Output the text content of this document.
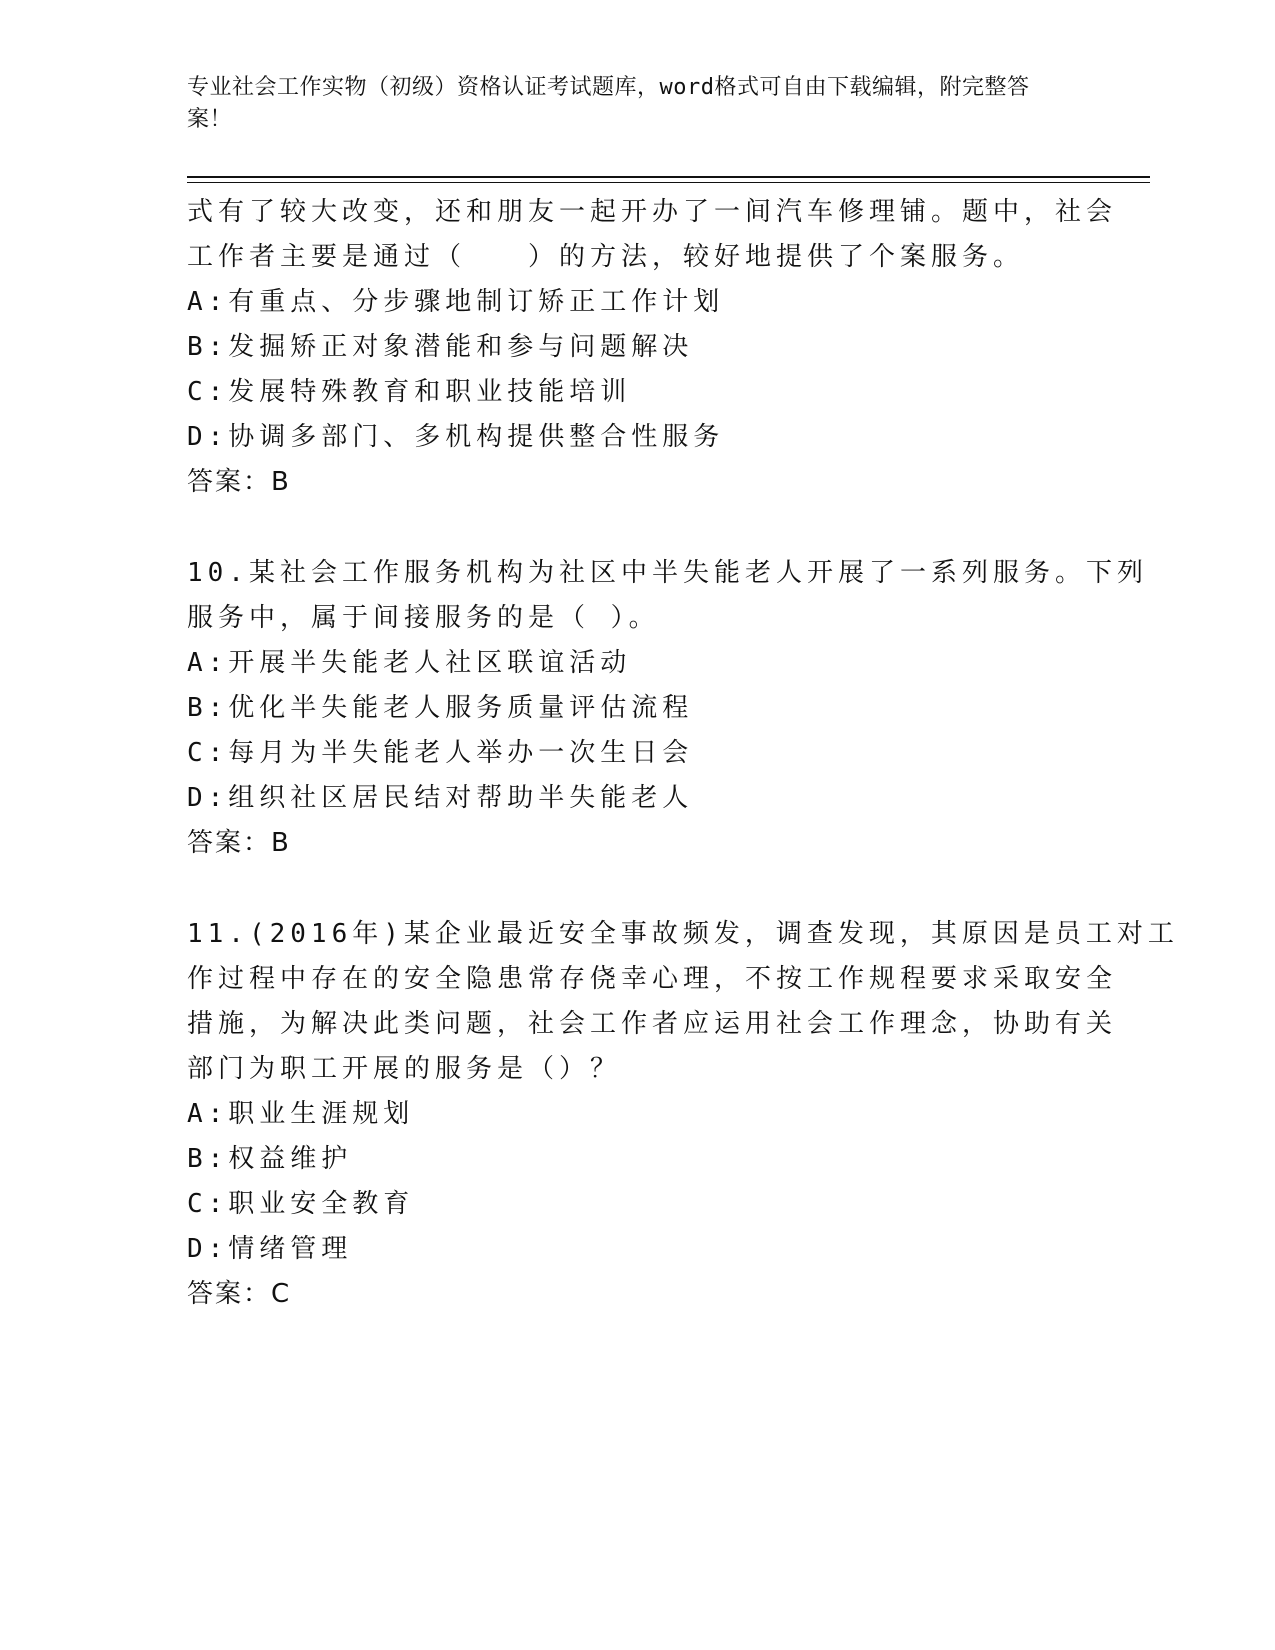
专业社会工作实物（初级）资格认证考试题库，word格式可自由下载编辑，附完整答案！
式有了较大改变，还和朋友一起开办了一间汽车修理铺。题中，社会
工作者主要是通过（　　）的方法，较好地提供了个案服务。
A:有重点、分步骤地制订矫正工作计划
B:发掘矫正对象潜能和参与问题解决
C:发展特殊教育和职业技能培训
D:协调多部门、多机构提供整合性服务
答案：B
10.某社会工作服务机构为社区中半失能老人开展了一系列服务。下列
服务中，属于间接服务的是（ ）。
A:开展半失能老人社区联谊活动
B:优化半失能老人服务质量评估流程
C:每月为半失能老人举办一次生日会
D:组织社区居民结对帮助半失能老人
答案：B
11.(2016年)某企业最近安全事故频发，调查发现，其原因是员工对工
作过程中存在的安全隐患常存侥幸心理，不按工作规程要求采取安全
措施，为解决此类问题，社会工作者应运用社会工作理念，协助有关
部门为职工开展的服务是（）？
A:职业生涯规划
B:权益维护
C:职业安全教育
D:情绪管理
答案：C
